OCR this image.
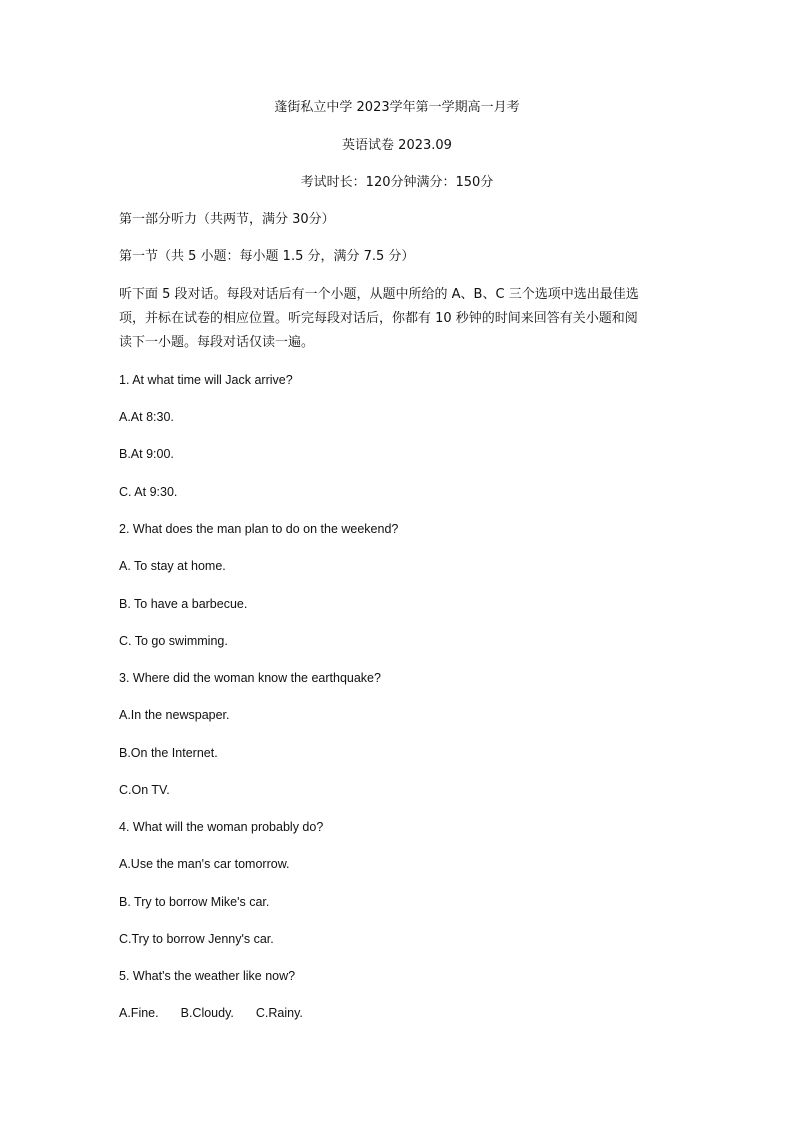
蓬街私立中学 2023学年第一学期高一月考
英语试卷 2023.09
考试时长：120分钟满分：150分
第一部分听力（共两节，满分 30分）
第一节（共 5 小题：每小题 1.5 分，满分 7.5 分）
听下面 5 段对话。每段对话后有一个小题，从题中所给的 A、B、C 三个选项中选出最佳选
项，并标在试卷的相应位置。听完每段对话后，你都有 10 秒钟的时间来回答有关小题和阅
读下一小题。每段对话仅读一遍。
1. At what time will Jack arrive?
A.At 8:30.
B.At 9:00.
C. At 9:30.
2. What does the man plan to do on the weekend?
A. To stay at home.
B. To have a barbecue.
C. To go swimming.
3. Where did the woman know the earthquake?
A.In the newspaper.
B.On the Internet.
C.On TV.
4. What will the woman probably do?
A.Use the man's car tomorrow.
B. Try to borrow Mike's car.
C.Try to borrow Jenny's car.
5. What's the weather like now?
A.Fine. B.Cloudy. C.Rainy.
